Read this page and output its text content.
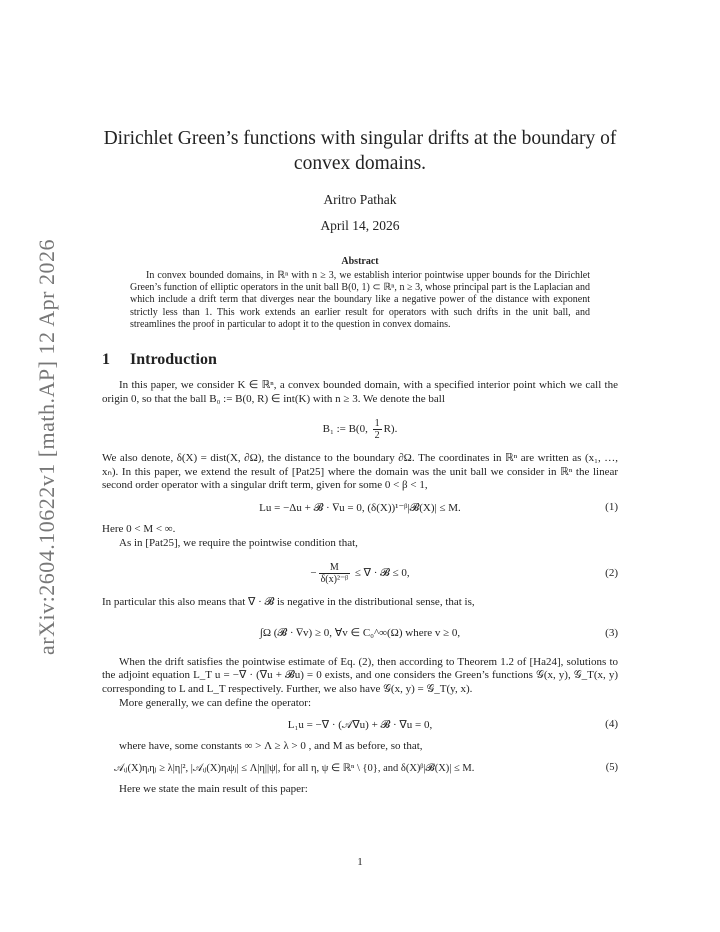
arXiv:2604.10622v1 [math.AP] 12 Apr 2026
Dirichlet Green’s functions with singular drifts at the boundary of convex domains.
Aritro Pathak
April 14, 2026
Abstract

In convex bounded domains, in ℝⁿ with n ≥ 3, we establish interior pointwise upper bounds for the Dirichlet Green’s function of elliptic operators in the unit ball B(0, 1) ⊂ ℝⁿ, n ≥ 3, whose principal part is the Laplacian and which include a drift term that diverges near the boundary like a negative power of the distance with exponent strictly less than 1. This work extends an earlier result for operators with such drifts in the unit ball, and streamlines the proof in particular to adopt it to the question in convex domains.

1 Introduction

In this paper, we consider K ∈ ℝⁿ, a convex bounded domain, with a specified interior point which we call the origin 0, so that the ball B₀ := B(0, R) ∈ int(K) with n ≥ 3. We denote the ball

B₁ := B(0, $\frac{1}{2} R$).

We also denote, δ(X) = dist(X, ∂Ω), the distance to the boundary ∂Ω. The coordinates in ℝⁿ are written as (x₁, …, xₙ). In this paper, we extend the result of [Pat25] where the domain was the unit ball we consider in ℝⁿ the linear second order operator with a singular drift term, given for some 0 < β < 1,

Lu = −Δu + 𝓑 · ∇u = 0, (δ(X))¹⁻ᵝ|𝓑(X)| ≤ M.	(1)

Here 0 < M < ∞.

As in [Pat25], we require the pointwise condition that,

− $\frac{M}{\text{δ(x)²⁻ᵝ}}$ ≤ ∇ · 𝓑 ≤ 0,	(2)

In particular this also means that ∇ · 𝓑 is negative in the distributional sense, that is,

∫Ω (𝓑 · ∇v) ≥ 0, ∀v ∈ C₀^∞(Ω) where v ≥ 0,	(3)

When the drift satisfies the pointwise estimate of Eq. (2), then according to Theorem 1.2 of [Ha24], solutions to the adjoint equation L_T u = −∇ · (∇u + 𝓑u) = 0 exists, and one considers the Green’s functions 𝒢(x, y), 𝒢_T(x, y) corresponding to L and L_T respectively. Further, we also have 𝒢(x, y) = 𝒢_T(y, x).

More generally, we can define the operator:

L₁u = −∇ · (𝒜∇u) + 𝓑 · ∇u = 0,	(4)

where have, some constants ∞ > Λ ≥ λ > 0 , and M as before, so that,

𝒜ᵢⱼ(X)ηᵢηⱼ ≥ λ|η|², |𝒜ᵢⱼ(X)ηᵢψⱼ| ≤ Λ|η||ψ|, for all η, ψ ∈ ℝⁿ \ {0}, and δ(X)ᵝ|𝓑(X)| ≤ M.	(5)

Here we state the main result of this paper:

1
